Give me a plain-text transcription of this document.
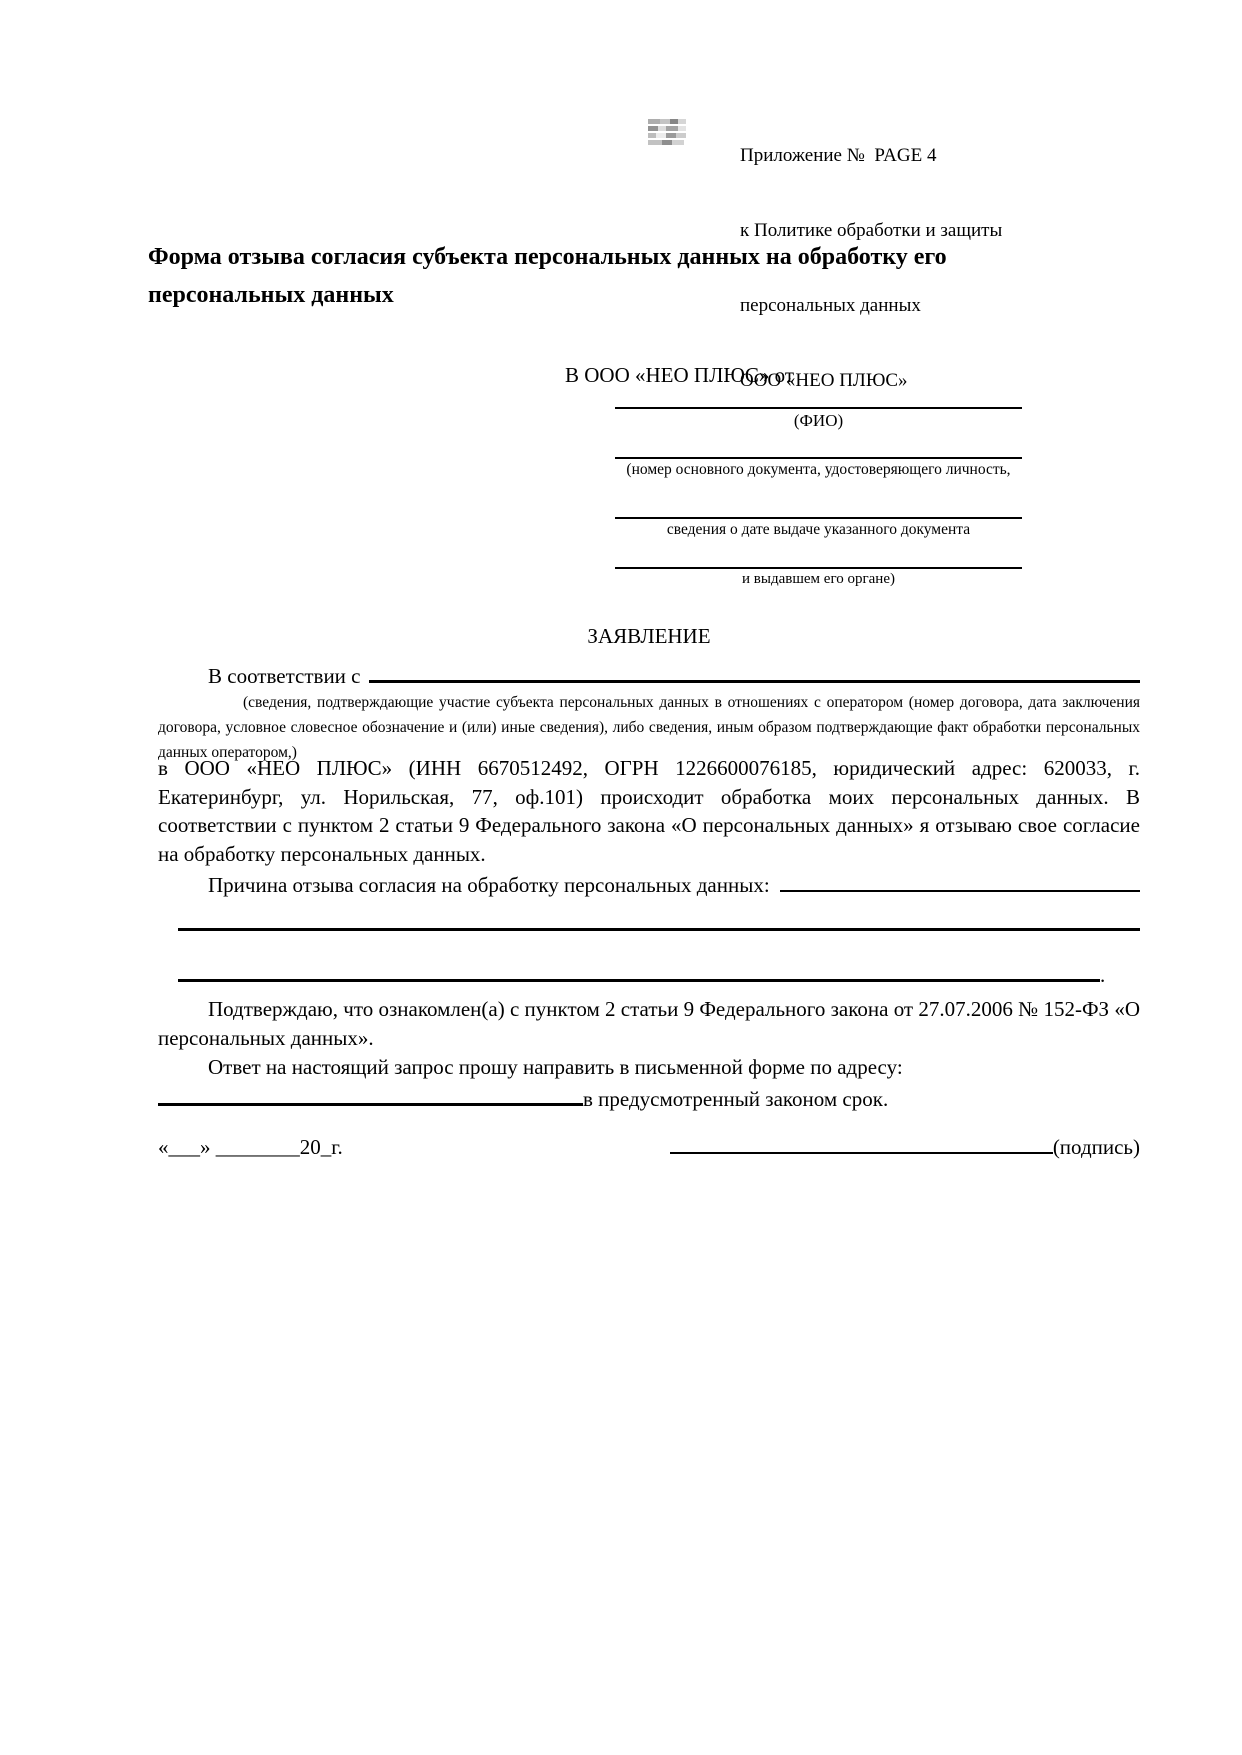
Приложение №  PAGE 4

к Политике обработки и защиты

персональных данных

ООО «НЕО ПЛЮС»

Форма отзыва согласия субъекта персональных данных на обработку его персональных данных
В ООО «НЕО ПЛЮС» от
(ФИО)
(номер основного документа, удостоверяющего личность,
сведения о дате выдаче указанного документа
и выдавшем его органе)
ЗАЯВЛЕНИЕ
В соответствии с
(сведения, подтверждающие участие субъекта персональных данных в отношениях с оператором (номер договора, дата заключения договора, условное словесное обозначение и (или) иные сведения), либо сведения, иным образом подтверждающие факт обработки персональных данных оператором,)
в ООО «НЕО ПЛЮС» (ИНН 6670512492, ОГРН 1226600076185, юридический адрес: 620033, г. Екатеринбург, ул. Норильская, 77, оф.101) происходит обработка моих персональных данных. В соответствии с пунктом 2 статьи 9 Федерального закона «О персональных данных» я отзываю свое согласие на обработку персональных данных.
Причина отзыва согласия на обработку персональных данных:
.
Подтверждаю, что ознакомлен(а) с пунктом 2 статьи 9 Федерального закона от 27.07.2006 № 152-ФЗ «О персональных данных».
Ответ на настоящий запрос прошу направить в письменной форме по адресу:
в предусмотренный законом срок.
«___» ________20_г.	(подпись)
